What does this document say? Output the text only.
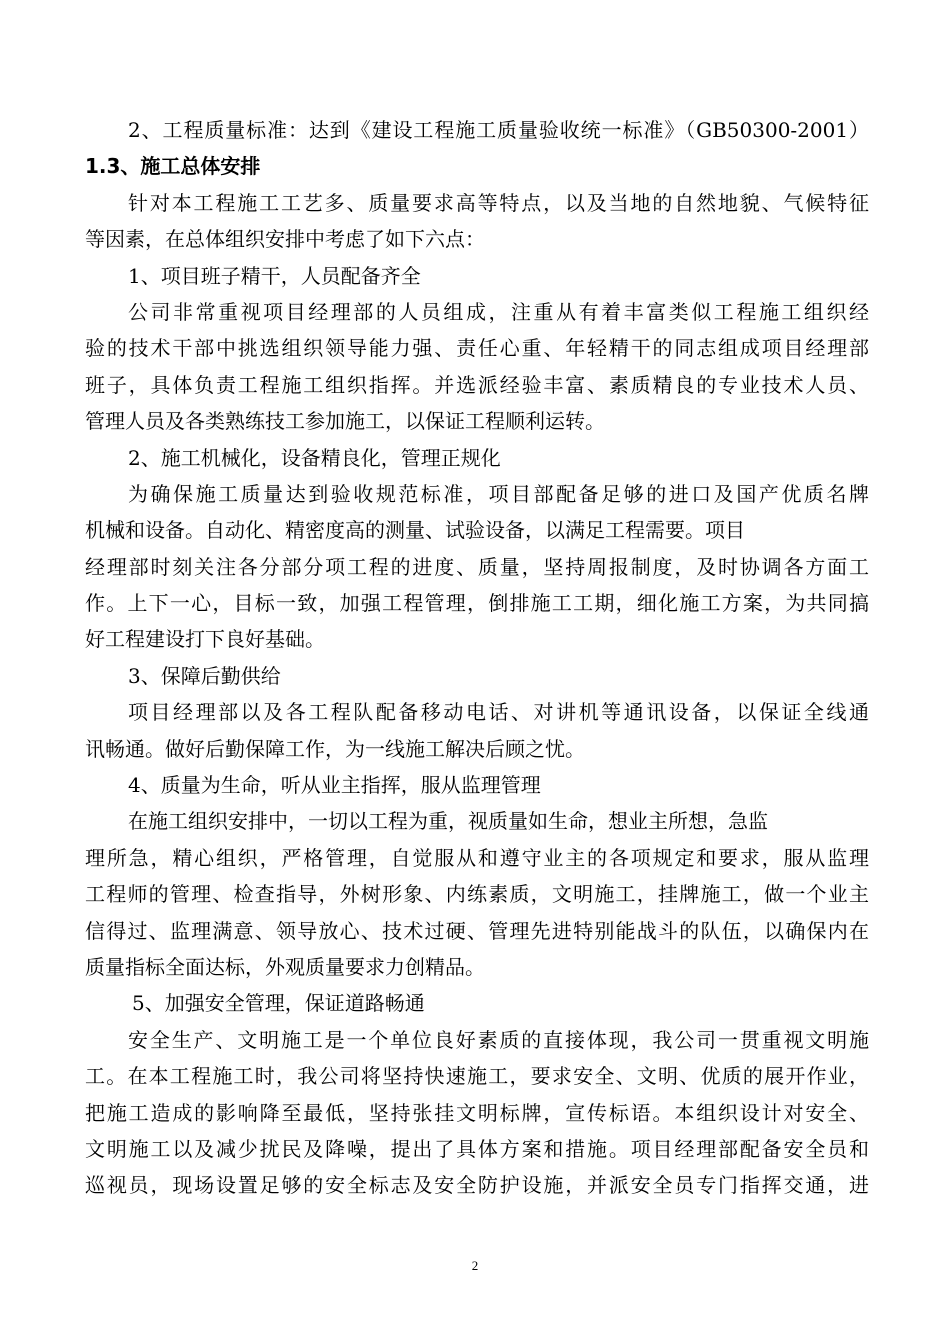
2、工程质量标准：达到《建设工程施工质量验收统一标准》（GB50300-2001）
1.3、施工总体安排
针对本工程施工工艺多、质量要求高等特点，以及当地的自然地貌、气候特征
等因素，在总体组织安排中考虑了如下六点：
1、项目班子精干，人员配备齐全
公司非常重视项目经理部的人员组成，注重从有着丰富类似工程施工组织经
验的技术干部中挑选组织领导能力强、责任心重、年轻精干的同志组成项目经理部
班子，具体负责工程施工组织指挥。并选派经验丰富、素质精良的专业技术人员、
管理人员及各类熟练技工参加施工，以保证工程顺利运转。
2、施工机械化，设备精良化，管理正规化
为确保施工质量达到验收规范标准，项目部配备足够的进口及国产优质名牌
机械和设备。自动化、精密度高的测量、试验设备，以满足工程需要。项目
经理部时刻关注各分部分项工程的进度、质量，坚持周报制度，及时协调各方面工
作。上下一心，目标一致，加强工程管理，倒排施工工期，细化施工方案，为共同搞
好工程建设打下良好基础。
3、保障后勤供给
项目经理部以及各工程队配备移动电话、对讲机等通讯设备，以保证全线通
讯畅通。做好后勤保障工作，为一线施工解决后顾之忧。
4、质量为生命，听从业主指挥，服从监理管理
在施工组织安排中，一切以工程为重，视质量如生命，想业主所想，急监
理所急，精心组织，严格管理，自觉服从和遵守业主的各项规定和要求，服从监理
工程师的管理、检查指导，外树形象、内练素质，文明施工，挂牌施工，做一个业主
信得过、监理满意、领导放心、技术过硬、管理先进特别能战斗的队伍，以确保内在
质量指标全面达标，外观质量要求力创精品。
5、加强安全管理，保证道路畅通
安全生产、文明施工是一个单位良好素质的直接体现，我公司一贯重视文明施
工。在本工程施工时，我公司将坚持快速施工，要求安全、文明、优质的展开作业，
把施工造成的影响降至最低，坚持张挂文明标牌，宣传标语。本组织设计对安全、
文明施工以及减少扰民及降噪，提出了具体方案和措施。项目经理部配备安全员和
巡视员，现场设置足够的安全标志及安全防护设施，并派安全员专门指挥交通，进
2
